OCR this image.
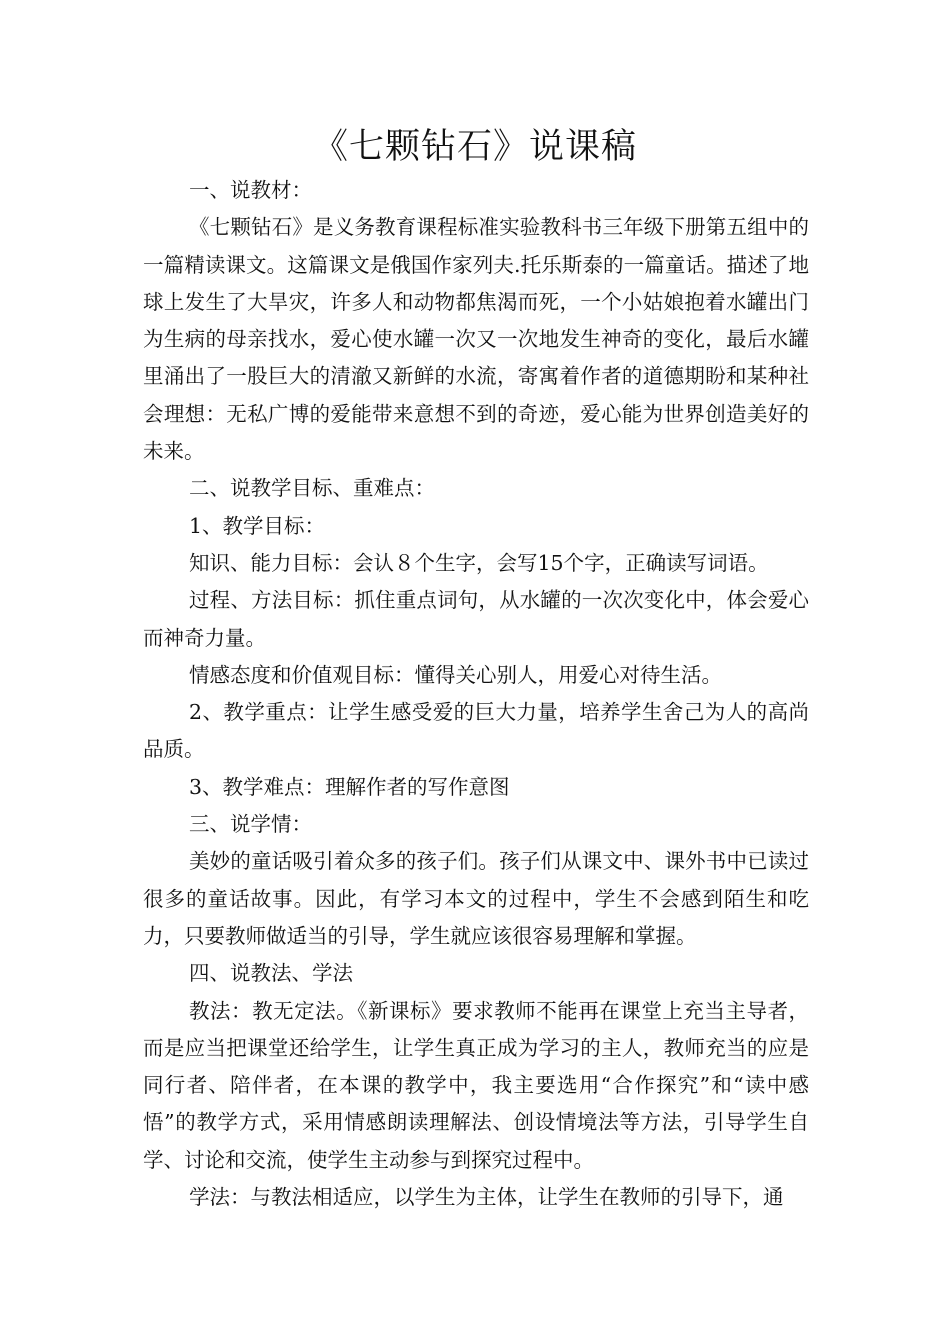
《七颗钻石》说课稿

一、说教材：

《七颗钻石》是义务教育课程标准实验教科书三年级下册第五组中的一篇精读课文。这篇课文是俄国作家列夫.托乐斯泰的一篇童话。描述了地球上发生了大旱灾，许多人和动物都焦渴而死，一个小姑娘抱着水罐出门为生病的母亲找水，爱心使水罐一次又一次地发生神奇的变化，最后水罐里涌出了一股巨大的清澈又新鲜的水流，寄寓着作者的道德期盼和某种社会理想：无私广博的爱能带来意想不到的奇迹，爱心能为世界创造美好的未来。

二、说教学目标、重难点：

1、教学目标：

知识、能力目标：会认８个生字，会写15个字，正确读写词语。

过程、方法目标：抓住重点词句，从水罐的一次次变化中，体会爱心而神奇力量。

情感态度和价值观目标：懂得关心别人，用爱心对待生活。

2、教学重点：让学生感受爱的巨大力量，培养学生舍己为人的高尚品质。

3、教学难点：理解作者的写作意图

三、说学情：

美妙的童话吸引着众多的孩子们。孩子们从课文中、课外书中已读过很多的童话故事。因此，有学习本文的过程中，学生不会感到陌生和吃力，只要教师做适当的引导，学生就应该很容易理解和掌握。

四、说教法、学法

教法：教无定法。《新课标》要求教师不能再在课堂上充当主导者，而是应当把课堂还给学生，让学生真正成为学习的主人，教师充当的应是同行者、陪伴者，在本课的教学中，我主要选用“合作探究”和“读中感悟”的教学方式，采用情感朗读理解法、创设情境法等方法，引导学生自学、讨论和交流，使学生主动参与到探究过程中。

学法：与教法相适应，以学生为主体，让学生在教师的引导下，通
